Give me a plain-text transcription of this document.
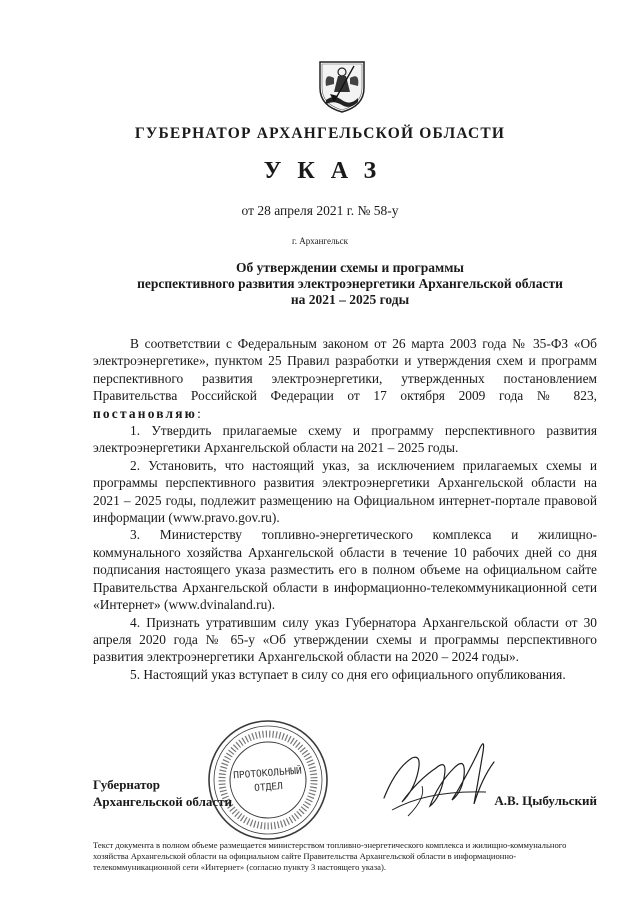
ГУБЕРНАТОР АРХАНГЕЛЬСКОЙ ОБЛАСТИ
УКАЗ
от 28 апреля 2021 г. № 58-у
г. Архангельск
Об утверждении схемы и программы
перспективного развития электроэнергетики Архангельской области
на 2021 – 2025 годы

В соответствии с Федеральным законом от 26 марта 2003 года № 35-ФЗ «Об электроэнергетике», пунктом 25 Правил разработки и утверждения схем и программ перспективного развития электроэнергетики, утвержденных постановлением Правительства Российской Федерации от 17 октября 2009 года № 823, постановляю:

1. Утвердить прилагаемые схему и программу перспективного развития электроэнергетики Архангельской области на 2021 – 2025 годы.

2. Установить, что настоящий указ, за исключением прилагаемых схемы и программы перспективного развития электроэнергетики Архангельской области на 2021 – 2025 годы, подлежит размещению на Официальном интернет-портале правовой информации (www.pravo.gov.ru).

3. Министерству топливно-энергетического комплекса и жилищно-коммунального хозяйства Архангельской области в течение 10 рабочих дней со дня подписания настоящего указа разместить его в полном объеме на официальном сайте Правительства Архангельской области в информационно-телекоммуникационной сети «Интернет» (www.dvinaland.ru).

4. Признать утратившим силу указ Губернатора Архангельской области от 30 апреля 2020 года № 65-у «Об утверждении схемы и программы перспективного развития электроэнергетики Архангельской области на 2020 – 2024 годы».

5. Настоящий указ вступает в силу со дня его официального опубликования.

ПРОТОКОЛЬНЫЙ
ОТДЕЛ
Губернатор
Архангельской области	А.В. Цыбульский
Текст документа в полном объеме размещается министерством топливно-энергетического комплекса и жилищно-коммунального хозяйства Архангельской области на официальном сайте Правительства Архангельской области в информационно-телекоммуникационной сети «Интернет» (согласно пункту 3 настоящего указа).
